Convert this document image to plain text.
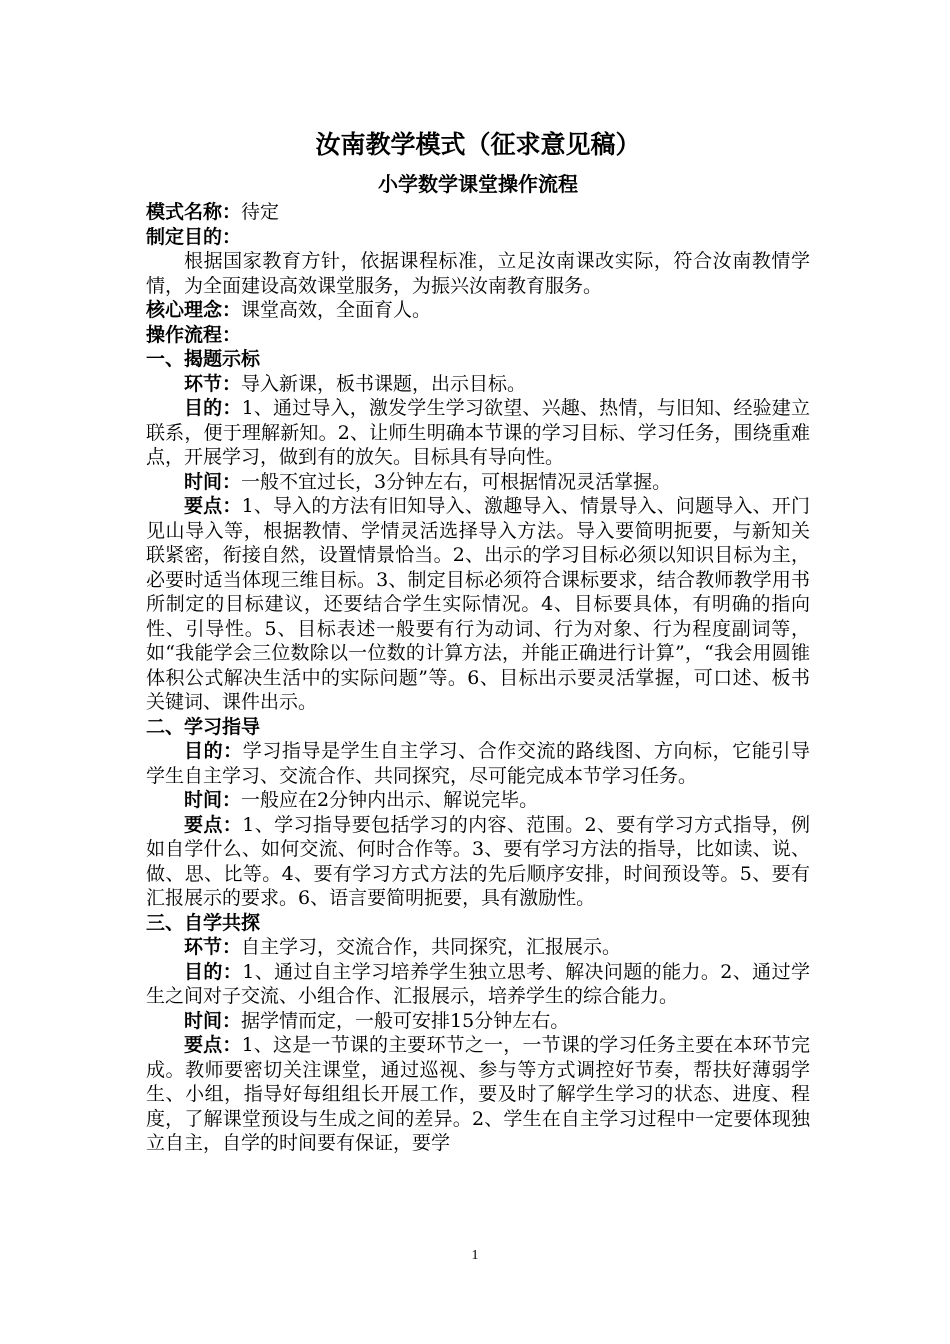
汝南教学模式（征求意见稿）

小学数学课堂操作流程

模式名称：待定

制定目的：

根据国家教育方针，依据课程标准，立足汝南课改实际，符合汝南教情学情，为全面建设高效课堂服务，为振兴汝南教育服务。

核心理念：课堂高效，全面育人。

操作流程：

一、揭题示标

环节：导入新课，板书课题，出示目标。

目的：1、通过导入，激发学生学习欲望、兴趣、热情，与旧知、经验建立联系，便于理解新知。2、让师生明确本节课的学习目标、学习任务，围绕重难点，开展学习，做到有的放矢。目标具有导向性。

时间：一般不宜过长，3分钟左右，可根据情况灵活掌握。

要点：1、导入的方法有旧知导入、激趣导入、情景导入、问题导入、开门见山导入等，根据教情、学情灵活选择导入方法。导入要简明扼要，与新知关联紧密，衔接自然，设置情景恰当。2、出示的学习目标必须以知识目标为主，必要时适当体现三维目标。3、制定目标必须符合课标要求，结合教师教学用书所制定的目标建议，还要结合学生实际情况。4、目标要具体，有明确的指向性、引导性。5、目标表述一般要有行为动词、行为对象、行为程度副词等，如“我能学会三位数除以一位数的计算方法，并能正确进行计算”，“我会用圆锥体积公式解决生活中的实际问题”等。6、目标出示要灵活掌握，可口述、板书关键词、课件出示。

二、学习指导

目的：学习指导是学生自主学习、合作交流的路线图、方向标，它能引导学生自主学习、交流合作、共同探究，尽可能完成本节学习任务。

时间：一般应在2分钟内出示、解说完毕。

要点：1、学习指导要包括学习的内容、范围。2、要有学习方式指导，例如自学什么、如何交流、何时合作等。3、要有学习方法的指导，比如读、说、做、思、比等。4、要有学习方式方法的先后顺序安排，时间预设等。5、要有汇报展示的要求。6、语言要简明扼要，具有激励性。

三、自学共探

环节：自主学习，交流合作，共同探究，汇报展示。

目的：1、通过自主学习培养学生独立思考、解决问题的能力。2、通过学生之间对子交流、小组合作、汇报展示，培养学生的综合能力。

时间：据学情而定，一般可安排15分钟左右。

要点：1、这是一节课的主要环节之一，一节课的学习任务主要在本环节完成。教师要密切关注课堂，通过巡视、参与等方式调控好节奏，帮扶好薄弱学生、小组，指导好每组组长开展工作，要及时了解学生学习的状态、进度、程度，了解课堂预设与生成之间的差异。2、学生在自主学习过程中一定要体现独立自主，自学的时间要有保证，要学

1
